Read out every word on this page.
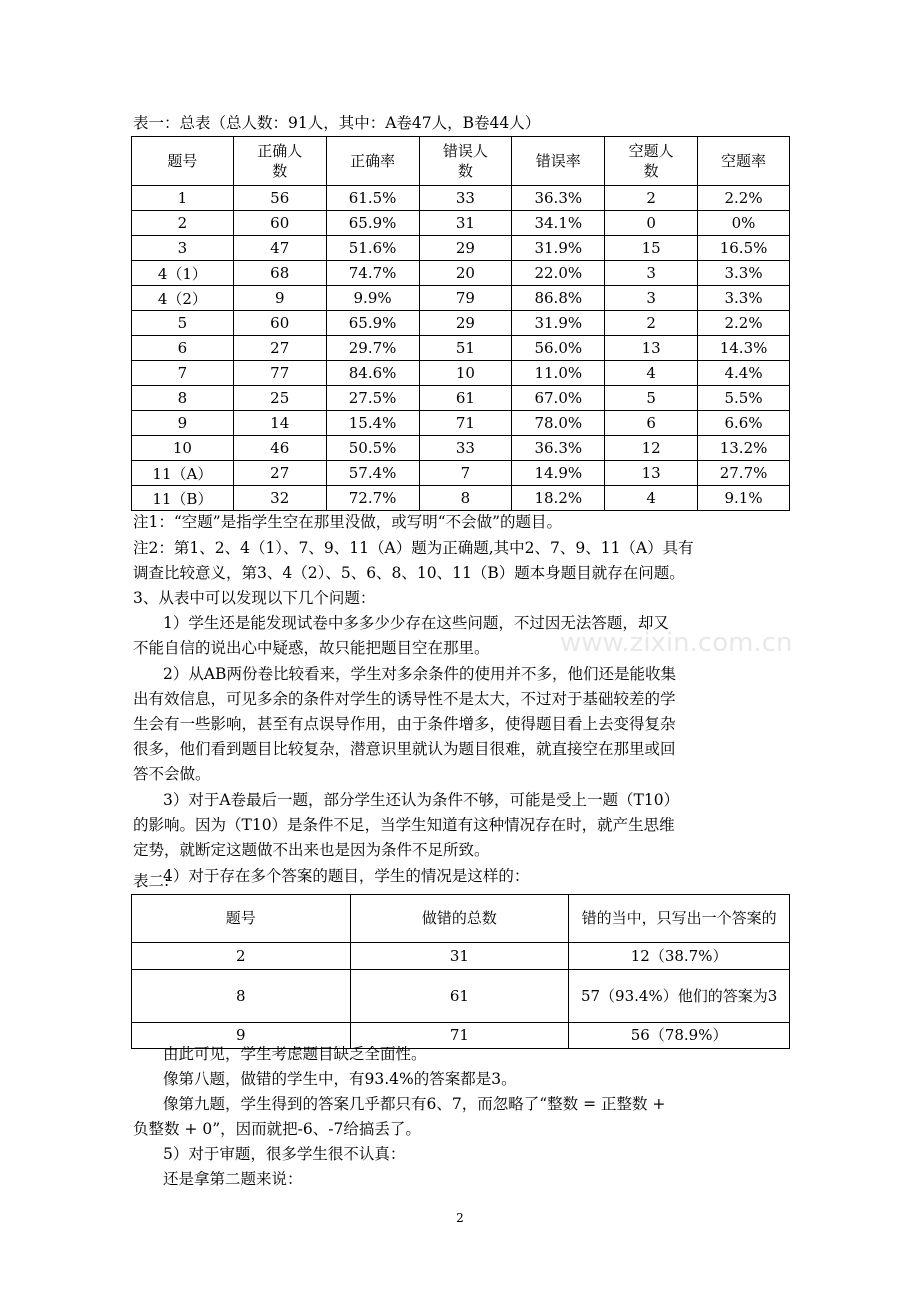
表一：总表（总人数：91人，其中：A卷47人，B卷44人）
题号	正确人数	正确率	错误人数	错误率	空题人数	空题率
1	56	61.5%	33	36.3%	2	2.2%
2	60	65.9%	31	34.1%	0	0%
3	47	51.6%	29	31.9%	15	16.5%
4（1）	68	74.7%	20	22.0%	3	3.3%
4（2）	9	9.9%	79	86.8%	3	3.3%
5	60	65.9%	29	31.9%	2	2.2%
6	27	29.7%	51	56.0%	13	14.3%
7	77	84.6%	10	11.0%	4	4.4%
8	25	27.5%	61	67.0%	5	5.5%
9	14	15.4%	71	78.0%	6	6.6%
10	46	50.5%	33	36.3%	12	13.2%
11（A）	27	57.4%	7	14.9%	13	27.7%
11（B）	32	72.7%	8	18.2%	4	9.1%
注1：“空题”是指学生空在那里没做，或写明“不会做”的题目。
注2：第1、2、4（1）、7、9、11（A）题为正确题,其中2、7、9、11（A）具有
调查比较意义，第3、4（2）、5、6、8、10、11（B）题本身题目就存在问题。
3、从表中可以发现以下几个问题：
1）学生还是能发现试卷中多多少少存在这些问题，不过因无法答题，却又
不能自信的说出心中疑惑，故只能把题目空在那里。
2）从AB两份卷比较看来，学生对多余条件的使用并不多，他们还是能收集
出有效信息，可见多余的条件对学生的诱导性不是太大，不过对于基础较差的学
生会有一些影响，甚至有点误导作用，由于条件增多，使得题目看上去变得复杂
很多，他们看到题目比较复杂，潜意识里就认为题目很难，就直接空在那里或回
答不会做。
3）对于A卷最后一题，部分学生还认为条件不够，可能是受上一题（T10）
的影响。因为（T10）是条件不足，当学生知道有这种情况存在时，就产生思维
定势，就断定这题做不出来也是因为条件不足所致。
4）对于存在多个答案的题目，学生的情况是这样的：
表二:
题号	做错的总数	错的当中，只写出一个答案的
2	31	12（38.7%）
8	61	57（93.4%）他们的答案为3
9	71	56（78.9%）
由此可见，学生考虑题目缺乏全面性。
像第八题，做错的学生中，有93.4%的答案都是3。
像第九题，学生得到的答案几乎都只有6、7，而忽略了“整数 = 正整数 +
负整数 + 0”，因而就把-6、-7给搞丢了。
5）对于审题，很多学生很不认真：
还是拿第二题来说：
www.zixin.com.cn
2
